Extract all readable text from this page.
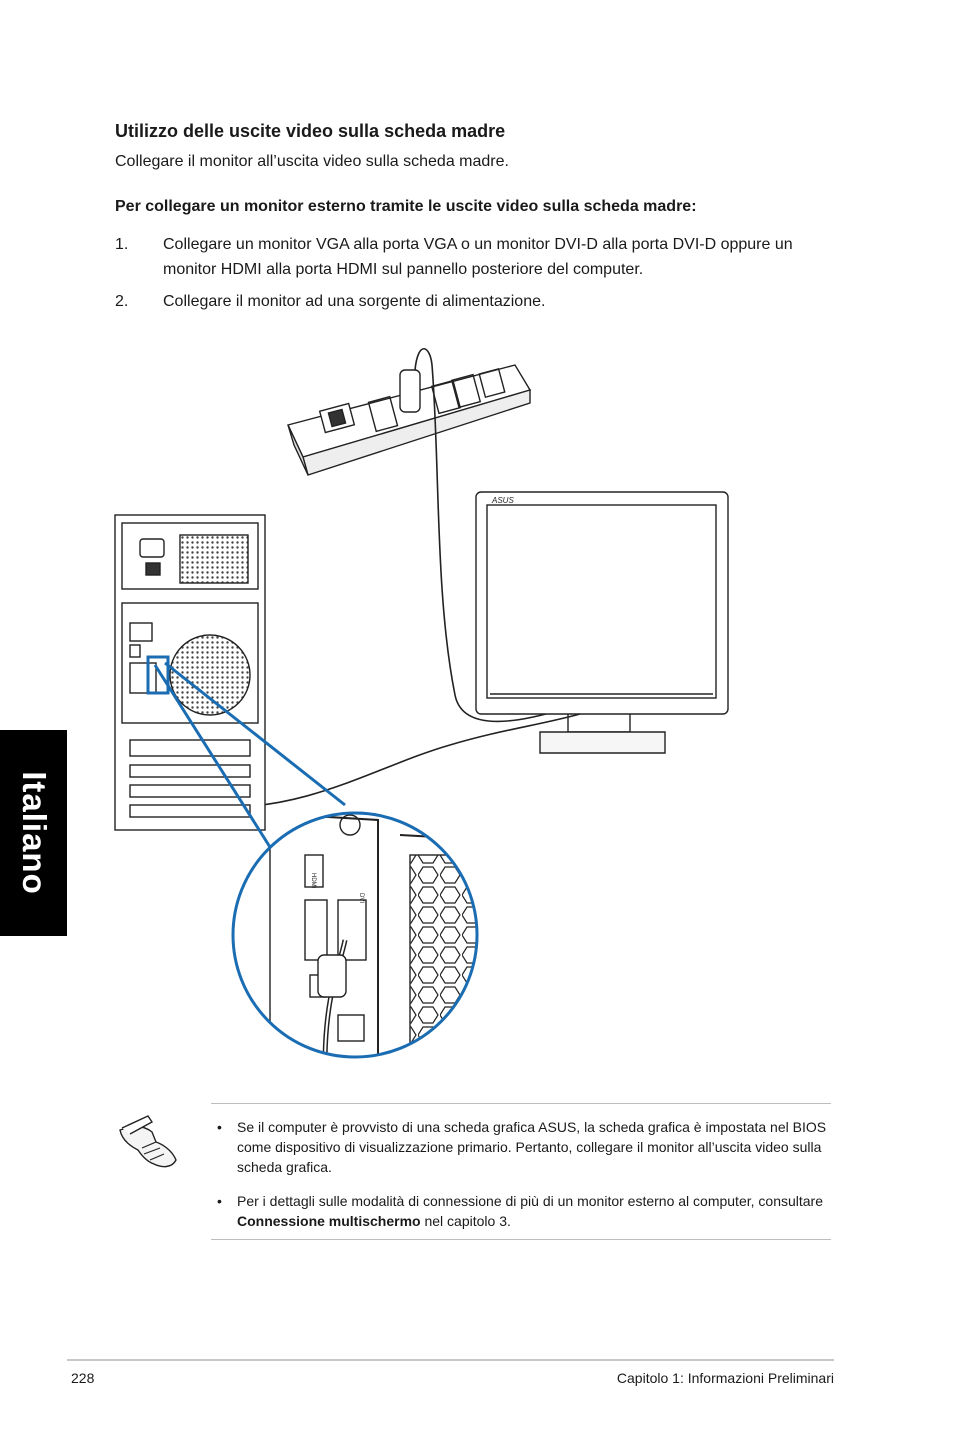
Italiano
Utilizzo delle uscite video sulla scheda madre
Collegare il monitor all’uscita video sulla scheda madre.
Per collegare un monitor esterno tramite le uscite video sulla scheda madre:
1. Collegare un monitor VGA alla porta VGA o un monitor DVI-D alla porta DVI-D oppure un monitor HDMI alla porta HDMI sul pannello posteriore del computer.
2. Collegare il monitor ad una sorgente di alimentazione.
ASUS
HDMI
DVI
• Se il computer è provvisto di una scheda grafica ASUS, la scheda grafica è impostata nel BIOS come dispositivo di visualizzazione primario. Pertanto, collegare il monitor all’uscita video sulla scheda grafica.
• Per i dettagli sulle modalità di connessione di più di un monitor esterno al computer, consultare Connessione multischermo nel capitolo 3.
228	Capitolo 1: Informazioni Preliminari
